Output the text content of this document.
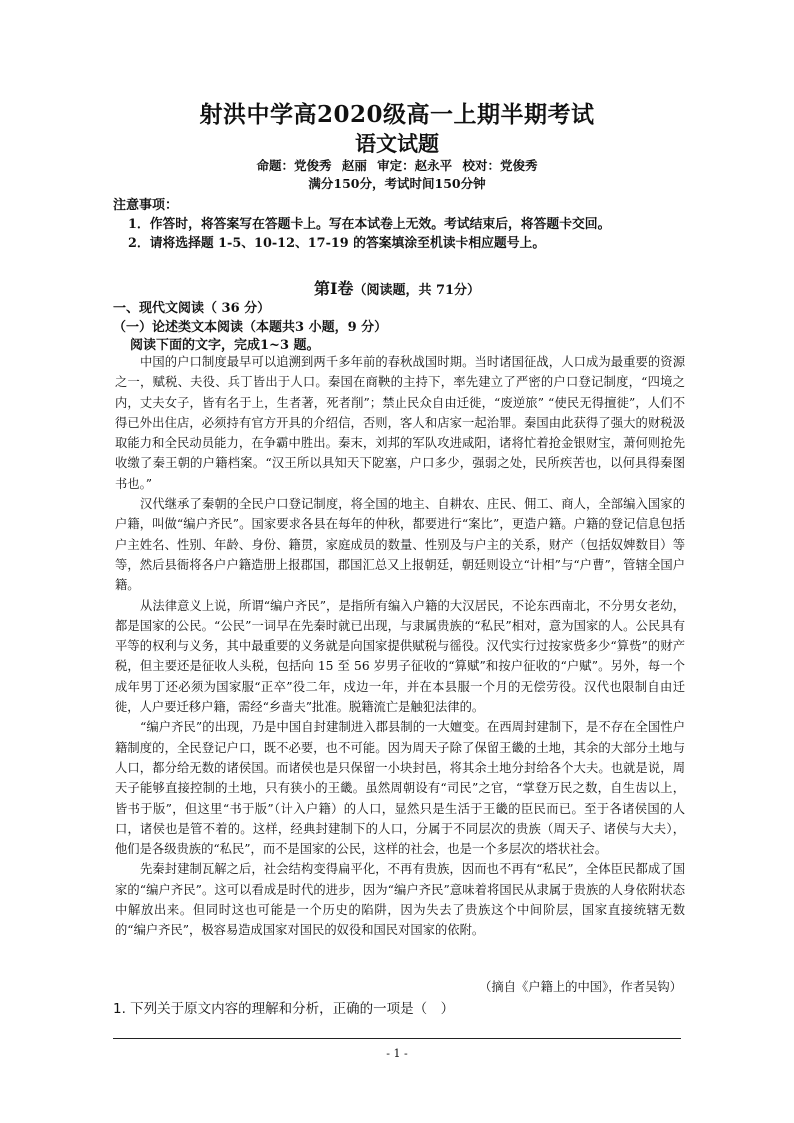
射洪中学高2020级高一上期半期考试
语文试题
命题：党俊秀 赵丽 审定：赵永平 校对：党俊秀
满分150分，考试时间150分钟
注意事项：
1．作答时，将答案写在答题卡上。写在本试卷上无效。考试结束后，将答题卡交回。
2．请将选择题 1-5、10-12、17-19 的答案填涂至机读卡相应题号上。
第Ⅰ卷（阅读题，共 71分）
一、现代文阅读（ 36 分）
（一）论述类文本阅读（本题共3 小题，9 分）
阅读下面的文字，完成1~3 题。

中国的户口制度最早可以追溯到两千多年前的春秋战国时期。当时诸国征战，人口成为最重要的资源之一，赋税、夫役、兵丁皆出于人口。秦国在商鞅的主持下，率先建立了严密的户口登记制度，“四境之内，丈夫女子，皆有名于上，生者著，死者削”；禁止民众自由迁徙，“废逆旅” “使民无得擅徙”，人们不得已外出住店，必须持有官方开具的介绍信，否则，客人和店家一起治罪。秦国由此获得了强大的财税汲取能力和全民动员能力，在争霸中胜出。秦末，刘邦的军队攻进咸阳，诸将忙着抢金银财宝，萧何则抢先收缴了秦王朝的户籍档案。“汉王所以具知天下阸塞，户口多少，强弱之处，民所疾苦也，以何具得秦图书也。”

汉代继承了秦朝的全民户口登记制度，将全国的地主、自耕农、庄民、佣工、商人，全部编入国家的户籍，叫做“编户齐民”。国家要求各县在每年的仲秋，都要进行“案比”，更造户籍。户籍的登记信息包括户主姓名、性别、年龄、身份、籍贯，家庭成员的数量、性别及与户主的关系，财产（包括奴婢数目）等等，然后县衙将各户户籍造册上报郡国，郡国汇总又上报朝廷，朝廷则设立“计相”与“户曹”，管辖全国户籍。

从法律意义上说，所谓“编户齐民”，是指所有编入户籍的大汉居民，不论东西南北，不分男女老幼，都是国家的公民。“公民”一词早在先秦时就已出现，与隶属贵族的“私民”相对，意为国家的人。公民具有平等的权利与义务，其中最重要的义务就是向国家提供赋税与徭役。汉代实行过按家赀多少“算赀”的财产税，但主要还是征收人头税，包括向 15 至 56 岁男子征收的“算赋”和按户征收的“户赋”。另外，每一个成年男丁还必须为国家服“正卒”役二年，戍边一年，并在本县服一个月的无偿劳役。汉代也限制自由迁徙，人户要迁移户籍，需经“乡啬夫”批准。脱籍流亡是触犯法律的。

“编户齐民”的出现，乃是中国自封建制进入郡县制的一大嬗变。在西周封建制下，是不存在全国性户籍制度的，全民登记户口，既不必要，也不可能。因为周天子除了保留王畿的土地，其余的大部分土地与人口，都分给无数的诸侯国。而诸侯也是只保留一小块封邑，将其余土地分封给各个大夫。也就是说，周天子能够直接控制的土地，只有狭小的王畿。虽然周朝设有“司民”之官，“掌登万民之数，自生齿以上，皆书于版”，但这里“书于版”（计入户籍）的人口，显然只是生活于王畿的臣民而已。至于各诸侯国的人口，诸侯也是管不着的。这样，经典封建制下的人口，分属于不同层次的贵族（周天子、诸侯与大夫），他们是各级贵族的“私民”，而不是国家的公民，这样的社会，也是一个多层次的塔状社会。

先秦封建制瓦解之后，社会结构变得扁平化，不再有贵族，因而也不再有“私民”，全体臣民都成了国家的“编户齐民”。这可以看成是时代的进步，因为“编户齐民”意味着将国民从隶属于贵族的人身依附状态中解放出来。但同时这也可能是一个历史的陷阱，因为失去了贵族这个中间阶层，国家直接统辖无数的“编户齐民”，极容易造成国家对国民的奴役和国民对国家的依附。

（摘自《户籍上的中国》，作者吴钩）
1. 下列关于原文内容的理解和分析，正确的一项是（　）
- 1 -
